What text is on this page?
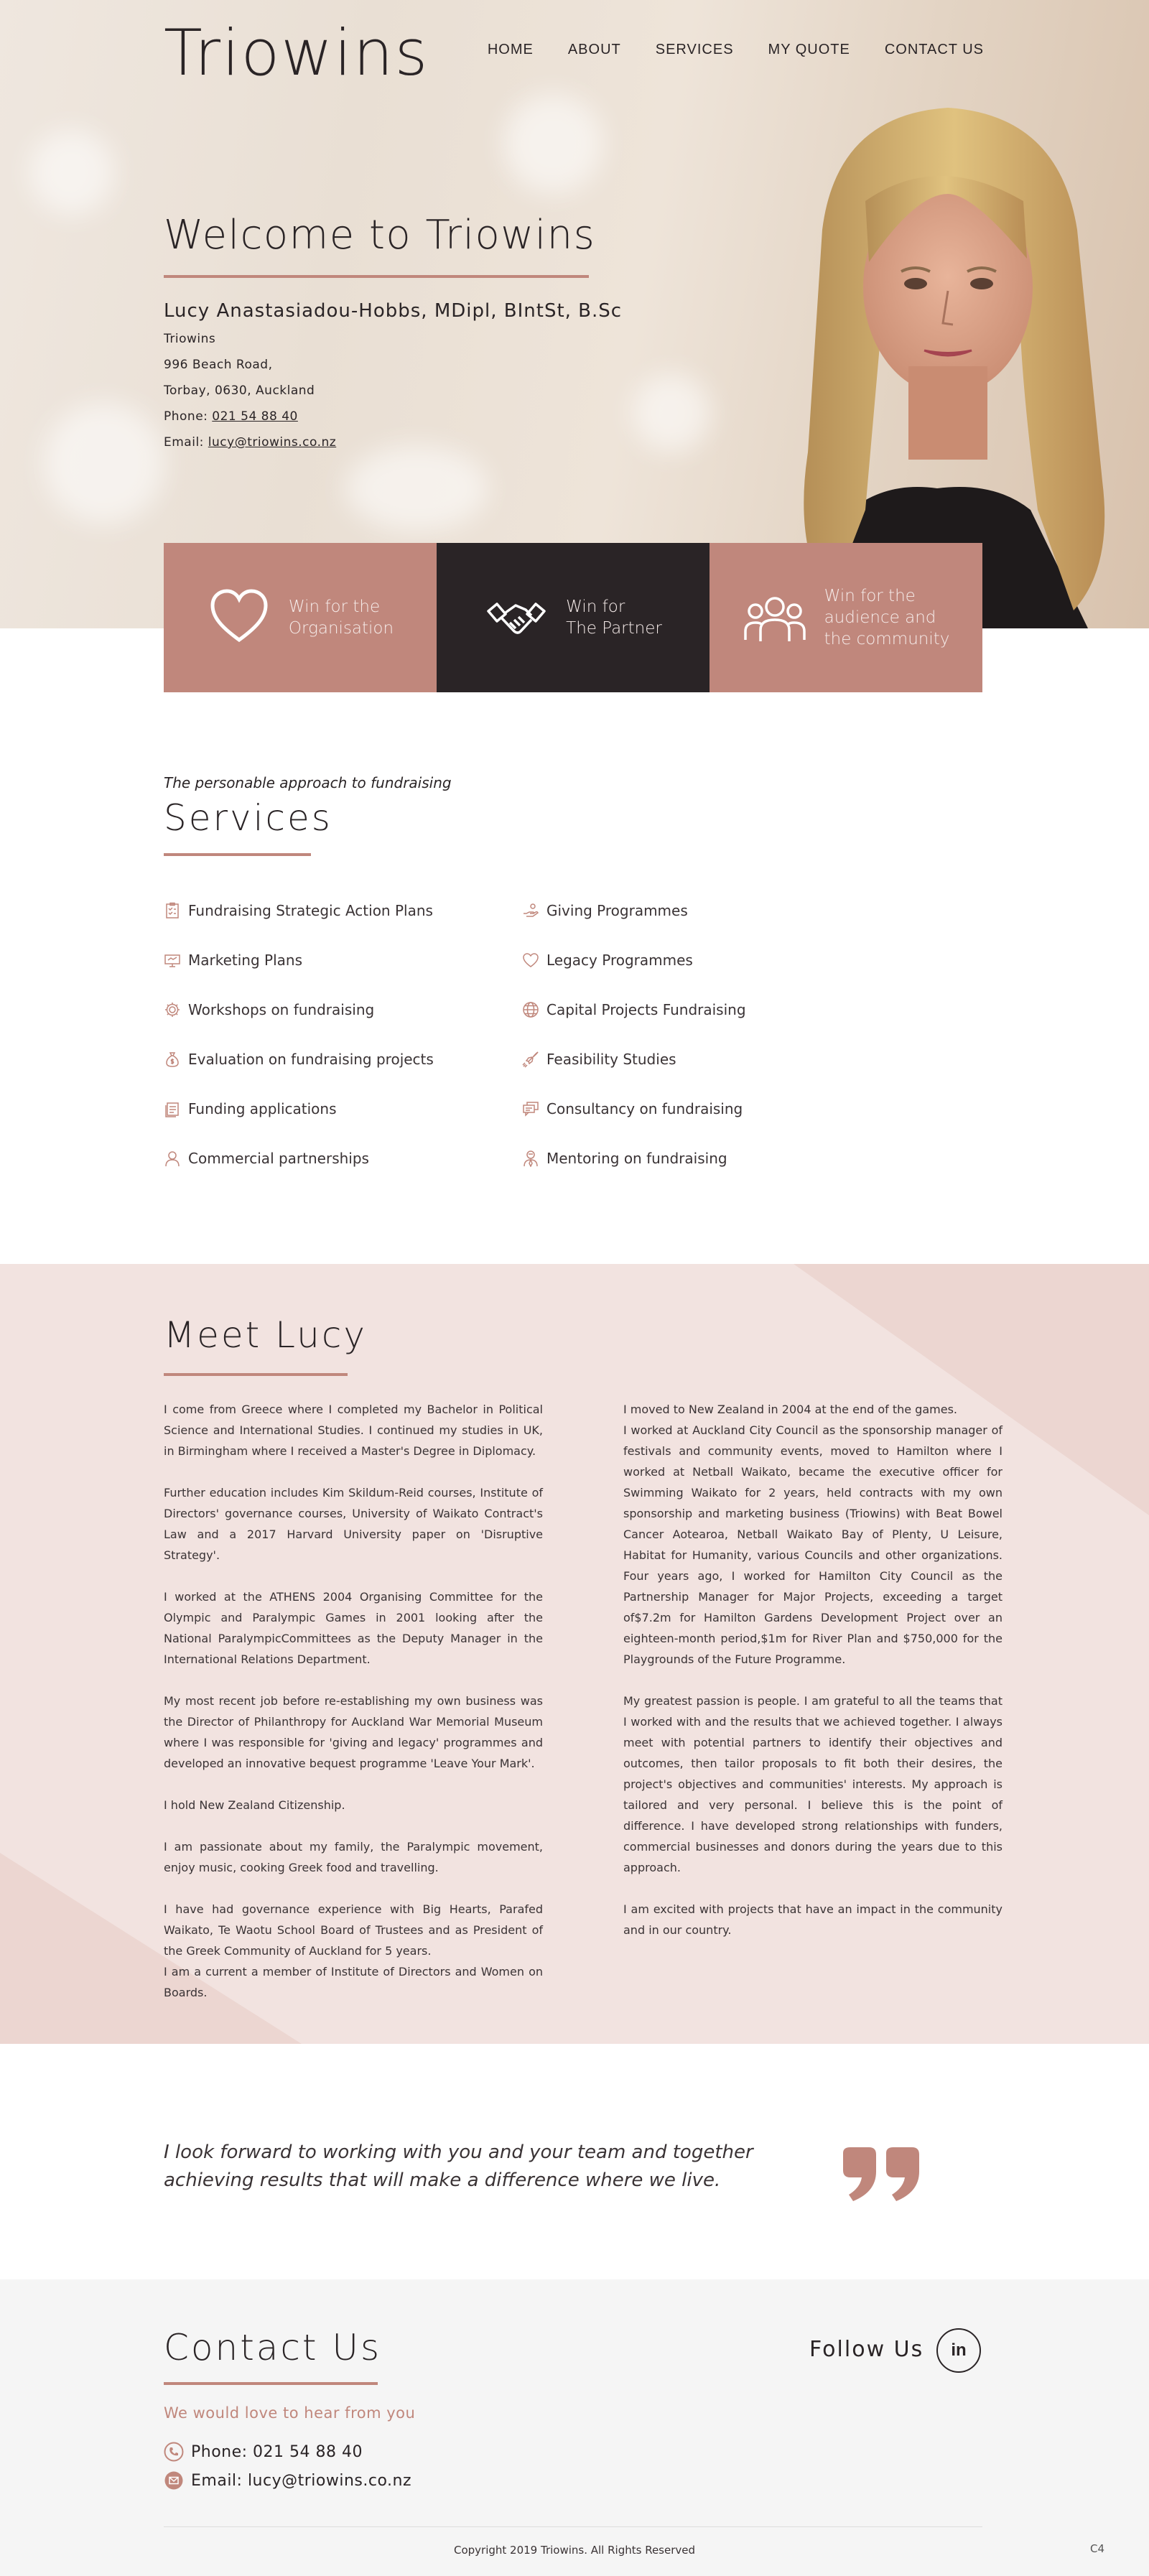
Triowins	HOME ABOUT SERVICES MY QUOTE CONTACT US
Welcome to Triowins
Lucy Anastasiadou-Hobbs, MDipl, BIntSt, B.Sc
Triowins
996 Beach Road,
Torbay, 0630, Auckland
Phone: 021 54 88 40
Email: lucy@triowins.co.nz
Win for the
Organisation
Win for
The Partner
Win for the
audience and
the community
The personable approach to fundraising
Services
Fundraising Strategic Action Plans
Marketing Plans
Workshops on fundraising
Evaluation on fundraising projects
Funding applications
Commercial partnerships
Giving Programmes
Legacy Programmes
Capital Projects Fundraising
Feasibility Studies
Consultancy on fundraising
Mentoring on fundraising
Meet Lucy

I come from Greece where I completed my Bachelor in Political Science and International Studies. I continued my studies in UK, in Birmingham where I received a Master's Degree in Diplomacy.

Further education includes Kim Skildum-Reid courses, Institute of Directors' governance courses, University of Waikato Contract's Law and a 2017 Harvard University paper on 'Disruptive Strategy'.

I worked at the ATHENS 2004 Organising Committee for the Olympic and Paralympic Games in 2001 looking after the National ParalympicCommittees as the Deputy Manager in the International Relations Department.

My most recent job before re-establishing my own business was the Director of Philanthropy for Auckland War Memorial Museum where I was responsible for 'giving and legacy' programmes and developed an innovative bequest programme 'Leave Your Mark'.

I hold New Zealand Citizenship.

I am passionate about my family, the Paralympic movement, enjoy music, cooking Greek food and travelling.

I have had governance experience with Big Hearts, Parafed Waikato, Te Waotu School Board of Trustees and as President of the Greek Community of Auckland for 5 years.

I am a current a member of Institute of Directors and Women on Boards.

I moved to New Zealand in 2004 at the end of the games.

I worked at Auckland City Council as the sponsorship manager of festivals and community events, moved to Hamilton where I worked at Netball Waikato, became the executive officer for Swimming Waikato for 2 years, held contracts with my own sponsorship and marketing business (Triowins) with Beat Bowel Cancer Aotearoa, Netball Waikato Bay of Plenty, U Leisure, Habitat for Humanity, various Councils and other organizations. Four years ago, I worked for Hamilton City Council as the Partnership Manager for Major Projects, exceeding a target of$7.2m for Hamilton Gardens Development Project over an eighteen-month period,$1m for River Plan and $750,000 for the Playgrounds of the Future Programme.

My greatest passion is people. I am grateful to all the teams that I worked with and the results that we achieved together. I always meet with potential partners to identify their objectives and outcomes, then tailor proposals to fit both their desires, the project's objectives and communities' interests. My approach is tailored and very personal. I believe this is the point of difference. I have developed strong relationships with funders, commercial businesses and donors during the years due to this approach.

I am excited with projects that have an impact in the community and in our country.

I look forward to working with you and your team and together achieving results that will make a difference where we live.
Contact Us
We would love to hear from you
Phone: 021 54 88 40
Email: lucy@triowins.co.nz
Follow Us	in
Copyright 2019 Triowins. All Rights Reserved	C4
